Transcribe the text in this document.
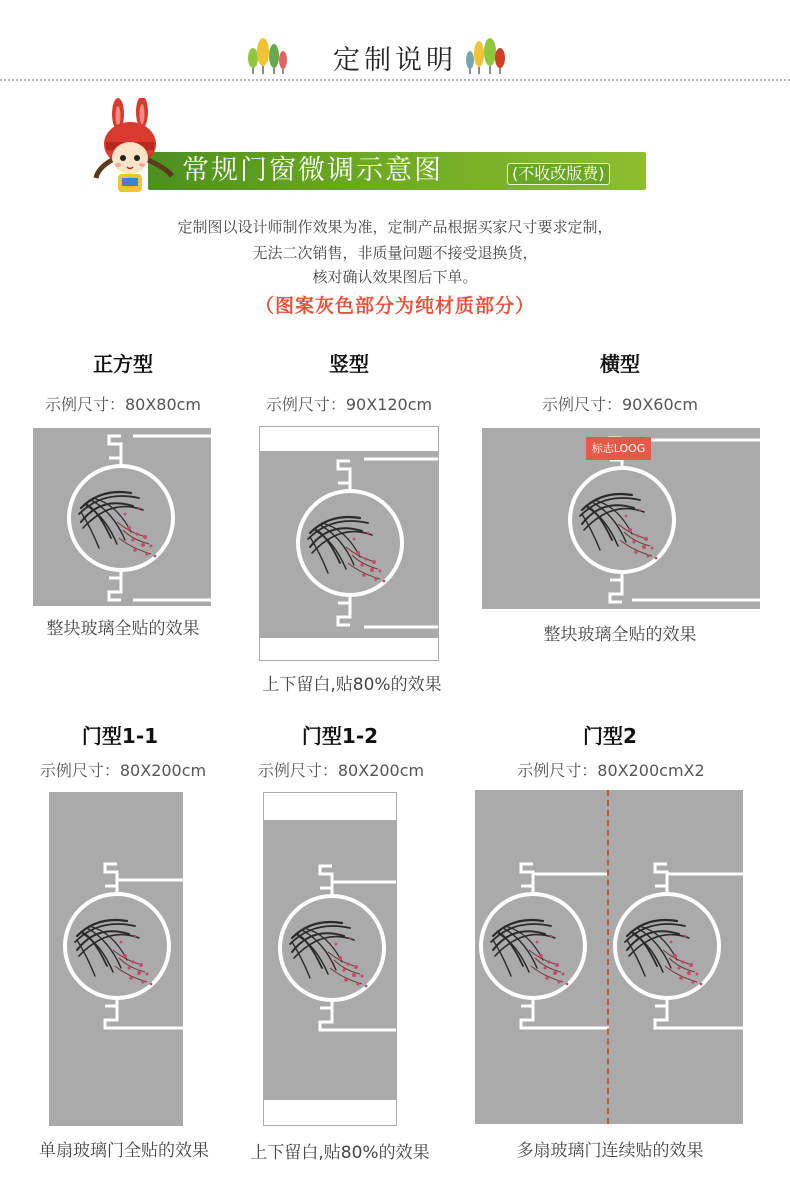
定制说明
常规门窗微调示意图	(不收改版费)
定制图以设计师制作效果为准，定制产品根据买家尺寸要求定制，
无法二次销售，非质量问题不接受退换货，
核对确认效果图后下单。
（图案灰色部分为纯材质部分）
正方型
示例尺寸：80X80cm
整块玻璃全贴的效果
竖型
示例尺寸：90X120cm
上下留白,贴80%的效果
横型
示例尺寸：90X60cm
标志LOOG
整块玻璃全贴的效果
门型1-1
示例尺寸：80X200cm
单扇玻璃门全贴的效果
门型1-2
示例尺寸：80X200cm
上下留白,贴80%的效果
门型2
示例尺寸：80X200cmX2
多扇玻璃门连续贴的效果
